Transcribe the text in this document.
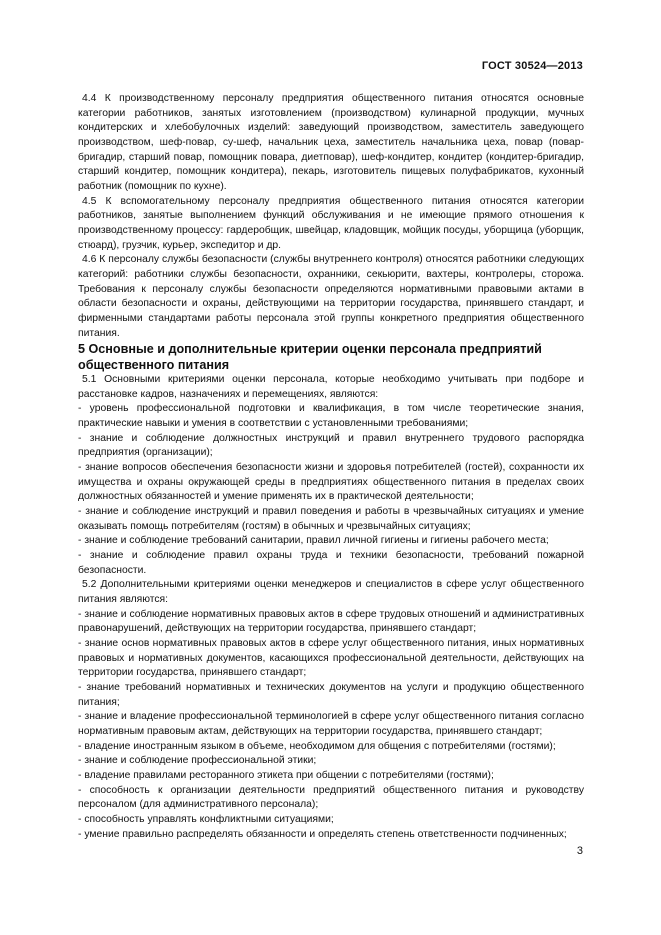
ГОСТ 30524—2013

4.4 К производственному персоналу предприятия общественного питания относятся основные категории работников, занятых изготовлением (производством) кулинарной продукции, мучных кондитерских и хлебобулочных изделий: заведующий производством, заместитель заведующего производством, шеф-повар, су-шеф, начальник цеха, заместитель начальника цеха, повар (повар-бригадир, старший повар, помощник повара, диетповар), шеф-кондитер, кондитер (кондитер-бригадир, старший кондитер, помощник кондитера), пекарь, изготовитель пищевых полуфабрикатов, кухонный работник (помощник по кухне).

4.5 К вспомогательному персоналу предприятия общественного питания относятся категории работников, занятые выполнением функций обслуживания и не имеющие прямого отношения к производственному процессу: гардеробщик, швейцар, кладовщик, мойщик посуды, уборщица (уборщик, стюард), грузчик, курьер, экспедитор и др.

4.6 К персоналу службы безопасности (службы внутреннего контроля) относятся работники следующих категорий: работники службы безопасности, охранники, секьюрити, вахтеры, контролеры, сторожа. Требования к персоналу службы безопасности определяются нормативными правовыми актами в области безопасности и охраны, действующими на территории государства, принявшего стандарт, и фирменными стандартами работы персонала этой группы конкретного предприятия общественного питания.

5 Основные и дополнительные критерии оценки персонала предприятий общественного питания

5.1 Основными критериями оценки персонала, которые необходимо учитывать при подборе и расстановке кадров, назначениях и перемещениях, являются:

- уровень профессиональной подготовки и квалификация, в том числе теоретические знания, практические навыки и умения в соответствии с установленными требованиями;

- знание и соблюдение должностных инструкций и правил внутреннего трудового распорядка предприятия (организации);

- знание вопросов обеспечения безопасности жизни и здоровья потребителей (гостей), сохранности их имущества и охраны окружающей среды в предприятиях общественного питания в пределах своих должностных обязанностей и умение применять их в практической деятельности;

- знание и соблюдение инструкций и правил поведения и работы в чрезвычайных ситуациях и умение оказывать помощь потребителям (гостям) в обычных и чрезвычайных ситуациях;

- знание и соблюдение требований санитарии, правил личной гигиены и гигиены рабочего места;

- знание и соблюдение правил охраны труда и техники безопасности, требований пожарной безопасности.

5.2 Дополнительными критериями оценки менеджеров и специалистов в сфере услуг общественного питания являются:

- знание и соблюдение нормативных правовых актов в сфере трудовых отношений и административных правонарушений, действующих на территории государства, принявшего стандарт;

- знание основ нормативных правовых актов в сфере услуг общественного питания, иных нормативных правовых и нормативных документов, касающихся профессиональной деятельности, действующих на территории государства, принявшего стандарт;

- знание требований нормативных и технических документов на услуги и продукцию общественного питания;

- знание и владение профессиональной терминологией в сфере услуг общественного питания согласно нормативным правовым актам, действующих на территории государства, принявшего стандарт;

- владение иностранным языком в объеме, необходимом для общения с потребителями (гостями);

- знание и соблюдение профессиональной этики;

- владение правилами ресторанного этикета при общении с потребителями (гостями);

- способность к организации деятельности предприятий общественного питания и руководству персоналом (для административного персонала);

- способность управлять конфликтными ситуациями;

- умение правильно распределять обязанности и определять степень ответственности подчиненных;

3
